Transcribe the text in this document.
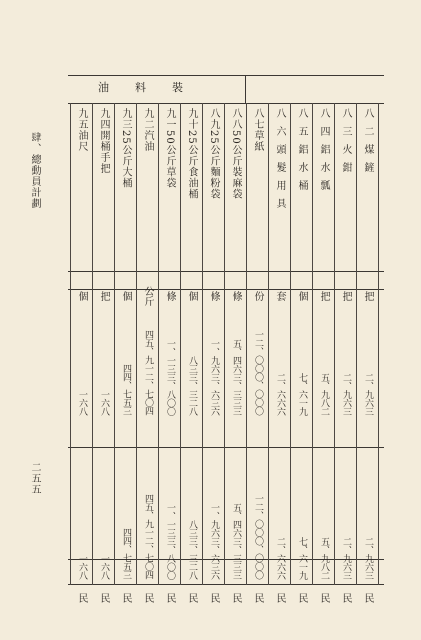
肆、總動員計劃
二五五
油料裝
八二煤鏟
把
二、九六三
二、九六三
民
八三火鉗
把
二、九六三
二、九六三
民
八四鋁水瓢
把
五、九八二
五、九八二
民
八五鋁水桶
個
七、六一九
七、六一九
民
八六頭髮用具
套
二、六六六
二、六六六
民
八七草紙
份
一二、〇〇〇、〇〇〇
一二、〇〇〇、〇〇〇
民
八八50公斤裝麻袋
條
五、四六三、三三三
五、四六三、三三三
民
八九25公斤麵粉袋
條
一、九六三、六三六
一、九六三、六三六
民
九十25公斤食油桶
個
八三三、三二八
八三三、三二八
民
九一50公斤草袋
條
一、一三三、八〇〇
一、一三三、八〇〇
民
九二汽油
公斤
四五、九一二、七〇四
四五、九一二、七〇四
民
九三25公斤大桶
個
四四、七五三
四四、七五三
民
九四開桶手把
把
一六八
一六八
民
九五油尺
個
一六八
一六八
民
